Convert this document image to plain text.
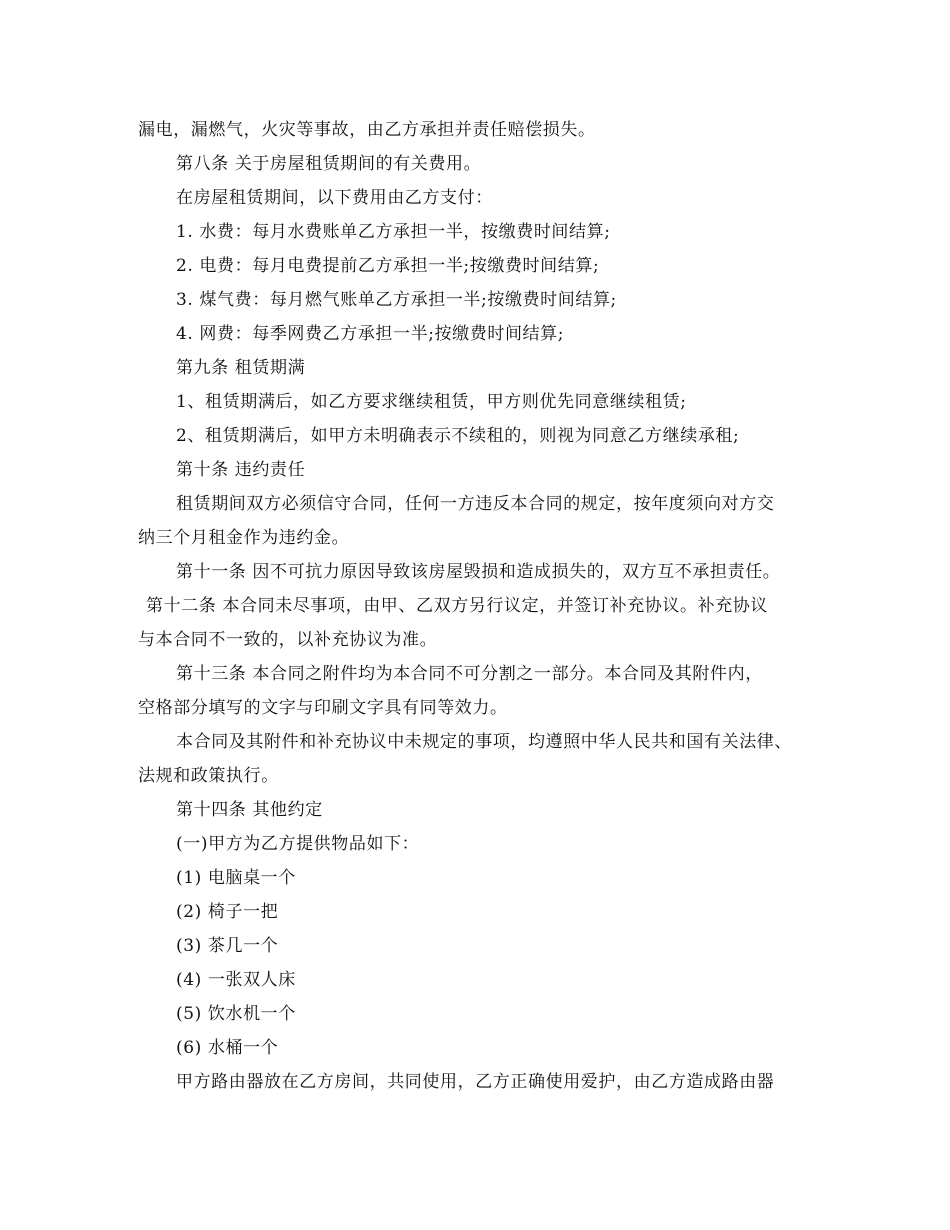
漏电，漏燃气，火灾等事故，由乙方承担并责任赔偿损失。
第八条 关于房屋租赁期间的有关费用。
在房屋租赁期间，以下费用由乙方支付：
1. 水费：每月水费账单乙方承担一半，按缴费时间结算;
2. 电费：每月电费提前乙方承担一半;按缴费时间结算;
3. 煤气费：每月燃气账单乙方承担一半;按缴费时间结算;
4. 网费：每季网费乙方承担一半;按缴费时间结算;
第九条 租赁期满
1、租赁期满后，如乙方要求继续租赁，甲方则优先同意继续租赁;
2、租赁期满后，如甲方未明确表示不续租的，则视为同意乙方继续承租;
第十条 违约责任
租赁期间双方必须信守合同，任何一方违反本合同的规定，按年度须向对方交
纳三个月租金作为违约金。
第十一条 因不可抗力原因导致该房屋毁损和造成损失的，双方互不承担责任。
第十二条 本合同未尽事项，由甲、乙双方另行议定，并签订补充协议。补充协议
与本合同不一致的，以补充协议为准。
第十三条 本合同之附件均为本合同不可分割之一部分。本合同及其附件内，
空格部分填写的文字与印刷文字具有同等效力。
本合同及其附件和补充协议中未规定的事项，均遵照中华人民共和国有关法律、
法规和政策执行。
第十四条 其他约定
(一)甲方为乙方提供物品如下：
(1) 电脑桌一个
(2) 椅子一把
(3) 茶几一个
(4) 一张双人床
(5) 饮水机一个
(6) 水桶一个
甲方路由器放在乙方房间，共同使用，乙方正确使用爱护，由乙方造成路由器
